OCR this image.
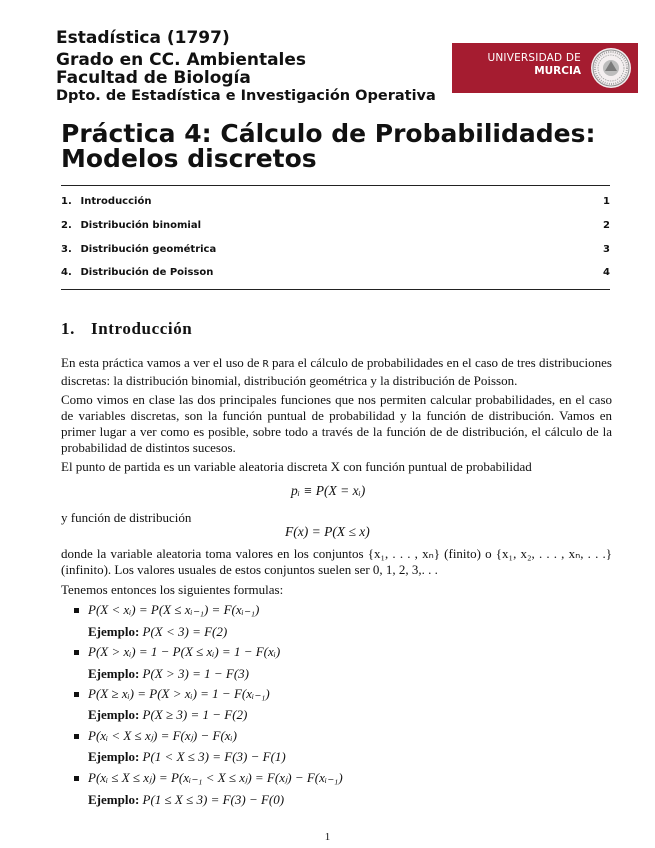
Estadística (1797)
Grado en CC. Ambientales
Facultad de Biología
Dpto. de Estadística e Investigación Operativa
UNIVERSIDAD DE
MURCIA
Práctica 4: Cálculo de Probabilidades: Modelos discretos
1. Introducción	1
2. Distribución binomial	2
3. Distribución geométrica	3
4. Distribución de Poisson	4
1. Introducción
En esta práctica vamos a ver el uso de R para el cálculo de probabilidades en el caso de tres distribuciones discretas: la distribución binomial, distribución geométrica y la distribución de Poisson.
Como vimos en clase las dos principales funciones que nos permiten calcular probabilidades, en el caso de variables discretas, son la función puntual de probabilidad y la función de distribución. Vamos en primer lugar a ver como es posible, sobre todo a través de la función de de distribución, el cálculo de la probabilidad de distintos sucesos.
El punto de partida es un variable aleatoria discreta X con función puntual de probabilidad
pᵢ ≡ P(X = xᵢ)
y función de distribución
F(x) = P(X ≤ x)
donde la variable aleatoria toma valores en los conjuntos {x₁, . . . , xₙ} (finito) o {x₁, x₂, . . . , xₙ, . . .} (infinito). Los valores usuales de estos conjuntos suelen ser 0, 1, 2, 3,. . .
Tenemos entonces los siguientes formulas:
P(X < xᵢ) = P(X ≤ xᵢ₋₁) = F(xᵢ₋₁)
Ejemplo: P(X < 3) = F(2)
P(X > xᵢ) = 1 − P(X ≤ xᵢ) = 1 − F(xᵢ)
Ejemplo: P(X > 3) = 1 − F(3)
P(X ≥ xᵢ) = P(X > xᵢ) = 1 − F(xᵢ₋₁)
Ejemplo: P(X ≥ 3) = 1 − F(2)
P(xᵢ < X ≤ xⱼ) = F(xⱼ) − F(xᵢ)
Ejemplo: P(1 < X ≤ 3) = F(3) − F(1)
P(xᵢ ≤ X ≤ xⱼ) = P(xᵢ₋₁ < X ≤ xⱼ) = F(xⱼ) − F(xᵢ₋₁)
Ejemplo: P(1 ≤ X ≤ 3) = F(3) − F(0)
1
